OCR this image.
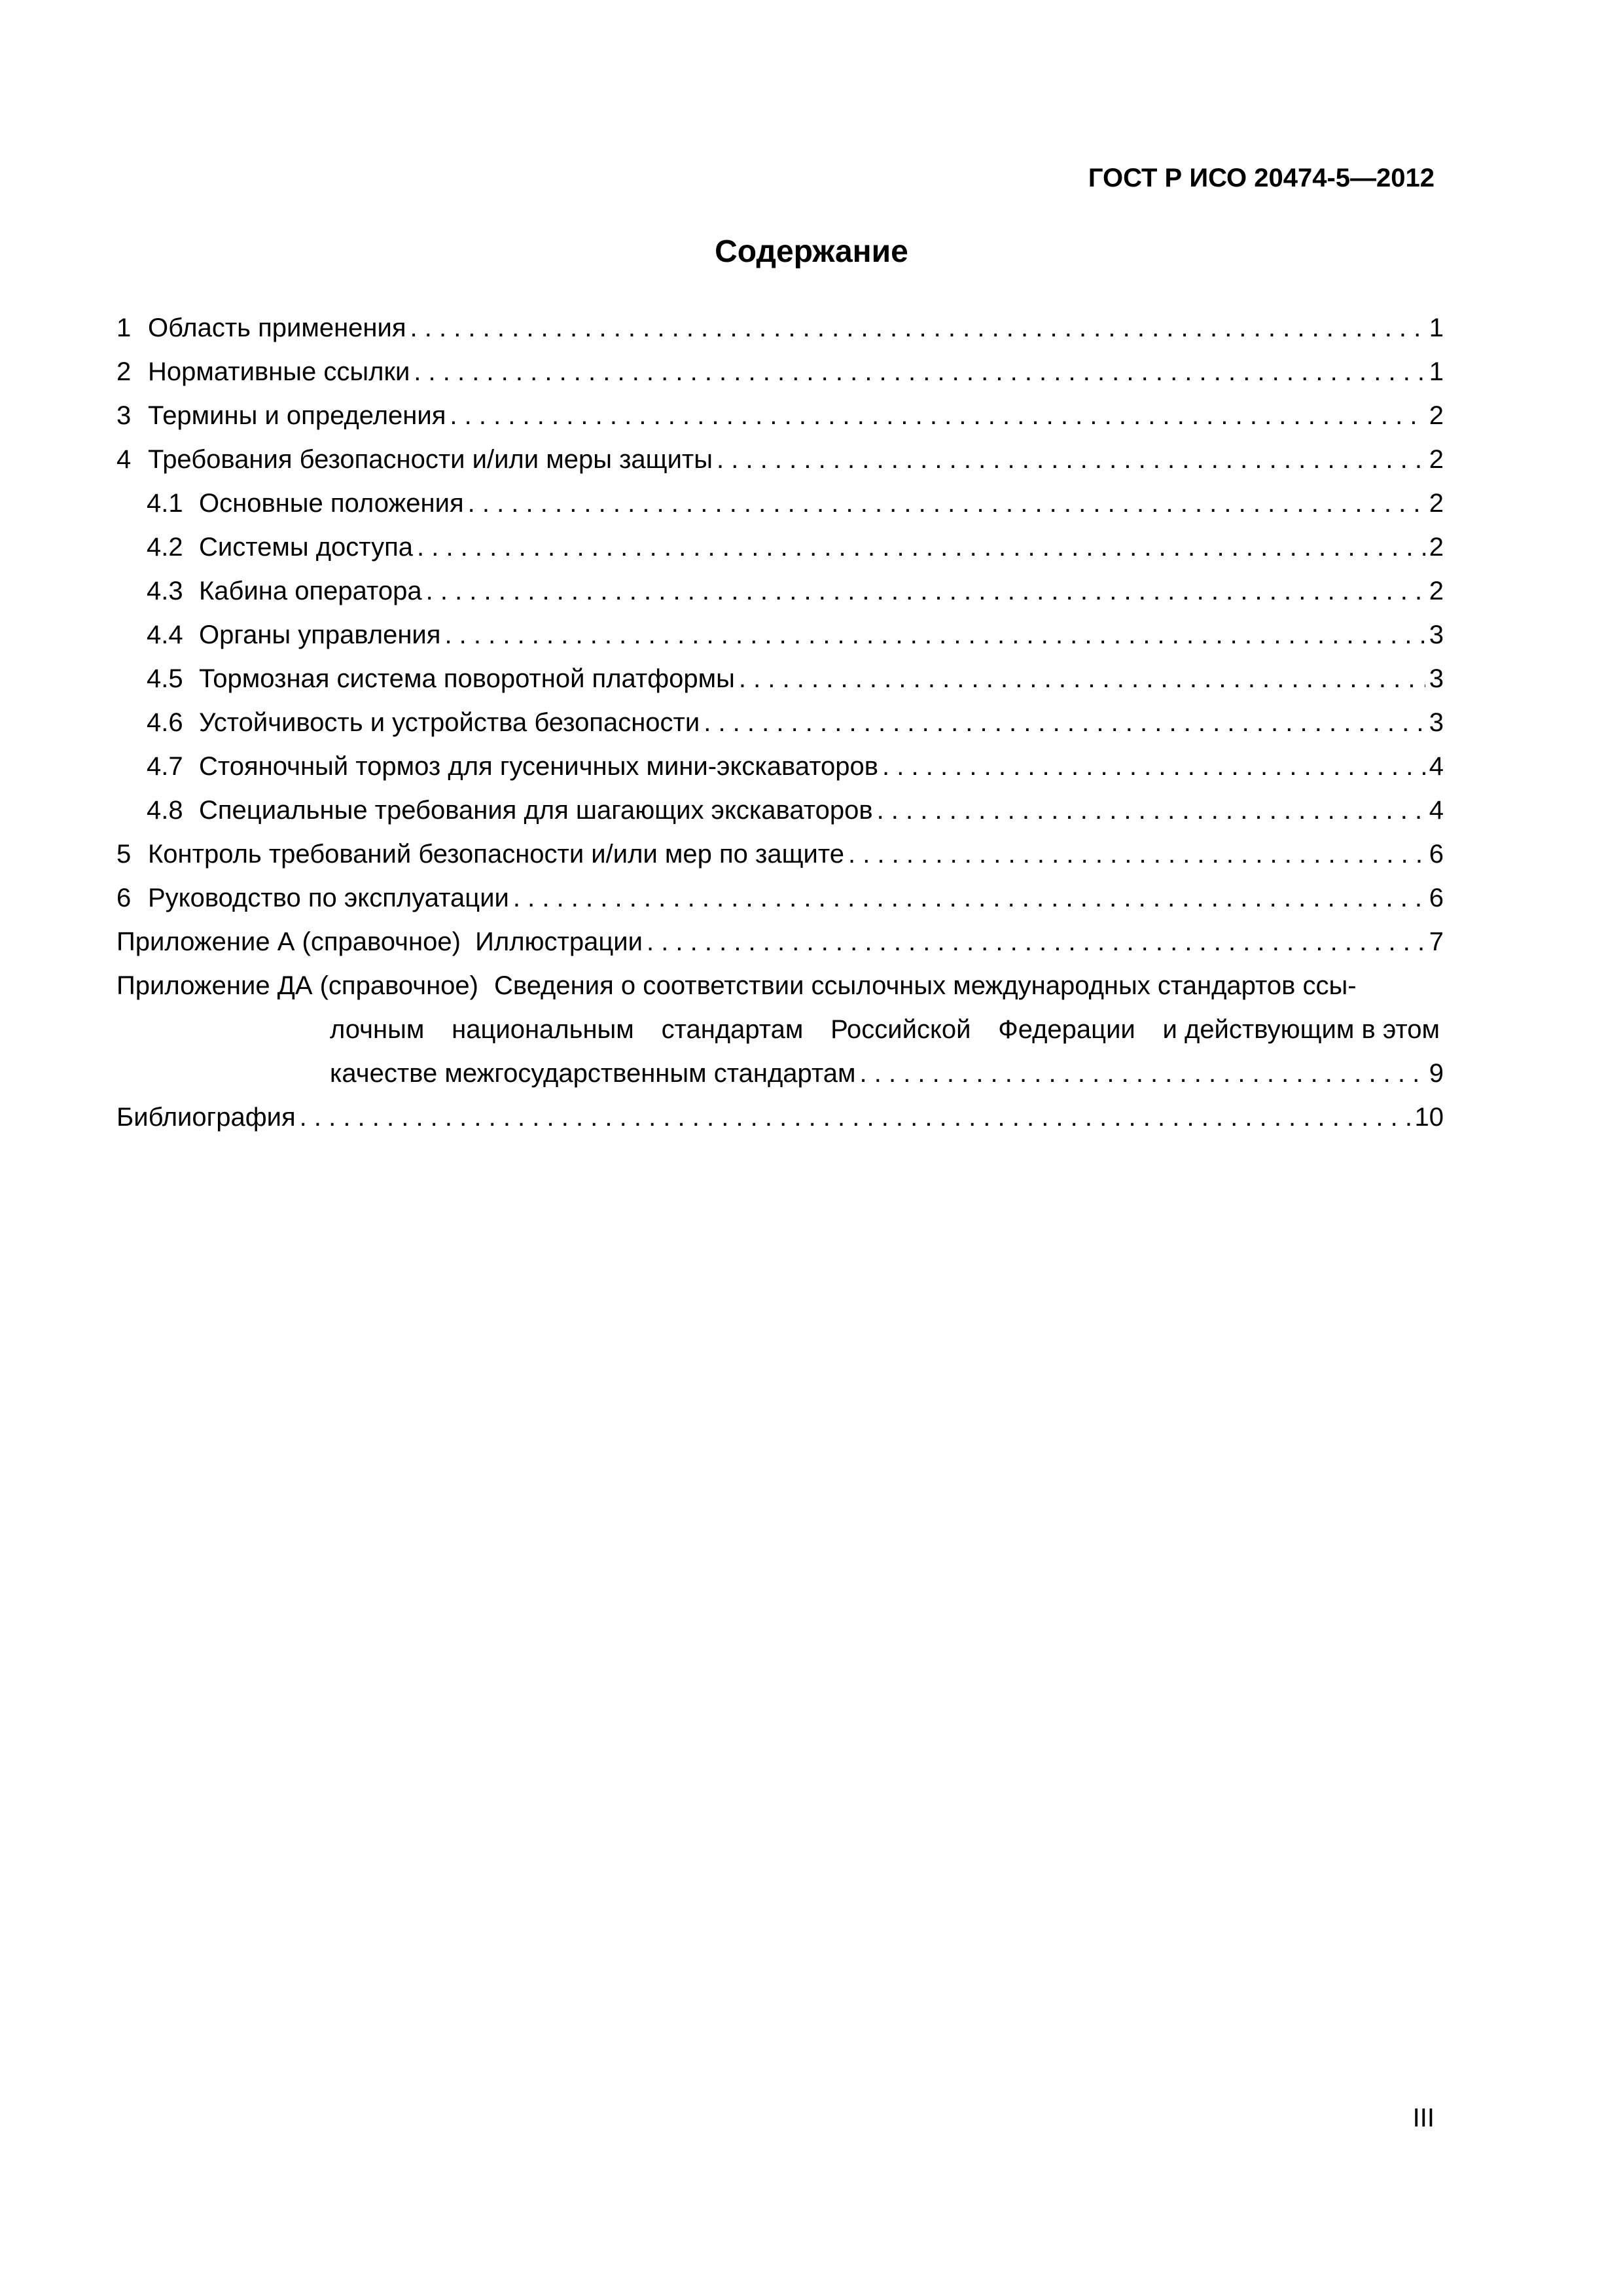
ГОСТ Р ИСО 20474-5—2012
Содержание
1 Область применения . . .	1
2 Нормативные ссылки . . .	1
3 Термины и определения . . .	2
4 Требования безопасности и/или меры защиты . . .	2
4.1 Основные положения . . .	2
4.2 Системы доступа . . .	2
4.3 Кабина оператора . . .	2
4.4 Органы управления . . .	3
4.5 Тормозная система поворотной платформы . . .	3
4.6 Устойчивость и устройства безопасности . . .	3
4.7 Стояночный тормоз для гусеничных мини-экскаваторов . . .	4
4.8 Специальные требования для шагающих экскаваторов . . .	4
5 Контроль требований безопасности и/или мер по защите . . .	6
6 Руководство по эксплуатации . . .	6
Приложение А (справочное)  Иллюстрации . . .	7
Приложение ДА (справочное) Сведения о соответствии ссылочных международных стандартов ссы-
лочным национальным стандартам Российской Федерации и действующим в этом
качестве межгосударственным стандартам . . .	9
Библиография . . .	10
III
